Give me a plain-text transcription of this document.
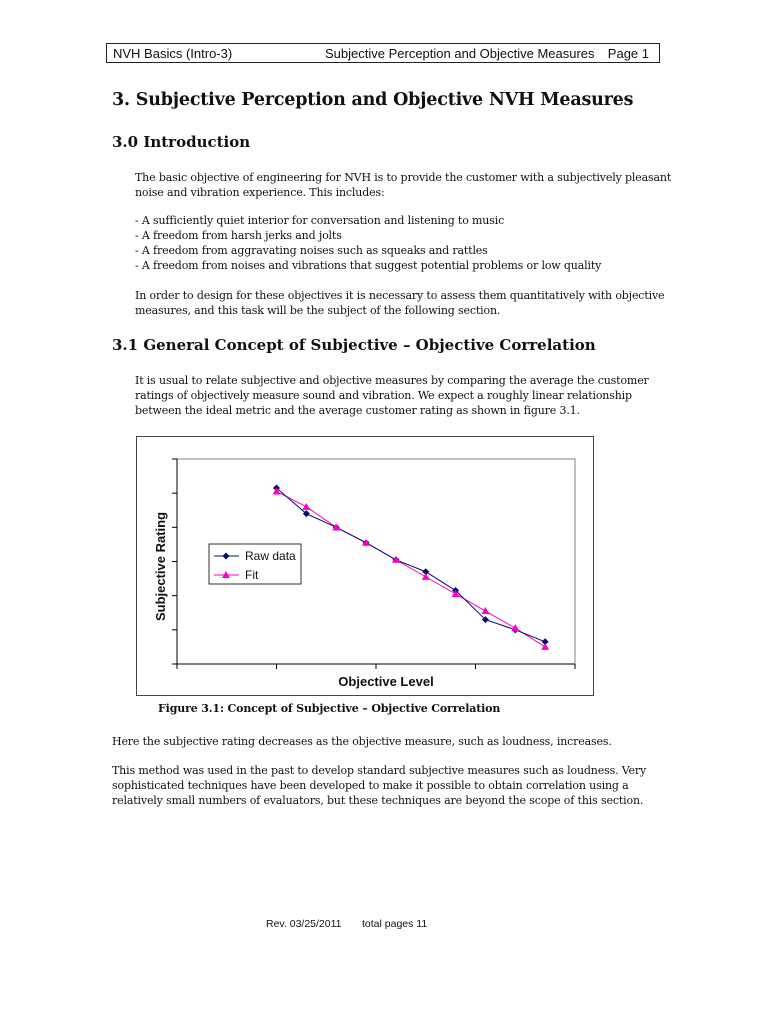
NVH Basics (Intro-3)	Subjective Perception and Objective Measures Page 1
3. Subjective Perception and Objective NVH Measures
3.0 Introduction

The basic objective of engineering for NVH is to provide the customer with a subjectively pleasant noise and vibration experience. This includes:

- A sufficiently quiet interior for conversation and listening to music
- A freedom from harsh jerks and jolts
- A freedom from aggravating noises such as squeaks and rattles
- A freedom from noises and vibrations that suggest potential problems or low quality

In order to design for these objectives it is necessary to assess them quantitatively with objective measures, and this task will be the subject of the following section.

3.1 General Concept of Subjective – Objective Correlation

It is usual to relate subjective and objective measures by comparing the average the customer ratings of objectively measure sound and vibration. We expect a roughly linear relationship between the ideal metric and the average customer rating as shown in figure 3.1.

Raw data
Fit
Objective Level
Subjective Rating
Figure 3.1: Concept of Subjective – Objective Correlation

Here the subjective rating decreases as the objective measure, such as loudness, increases.

This method was used in the past to develop standard subjective measures such as loudness. Very sophisticated techniques have been developed to make it possible to obtain correlation using a relatively small numbers of evaluators, but these techniques are beyond the scope of this section.

Rev. 03/25/2011 total pages 11
